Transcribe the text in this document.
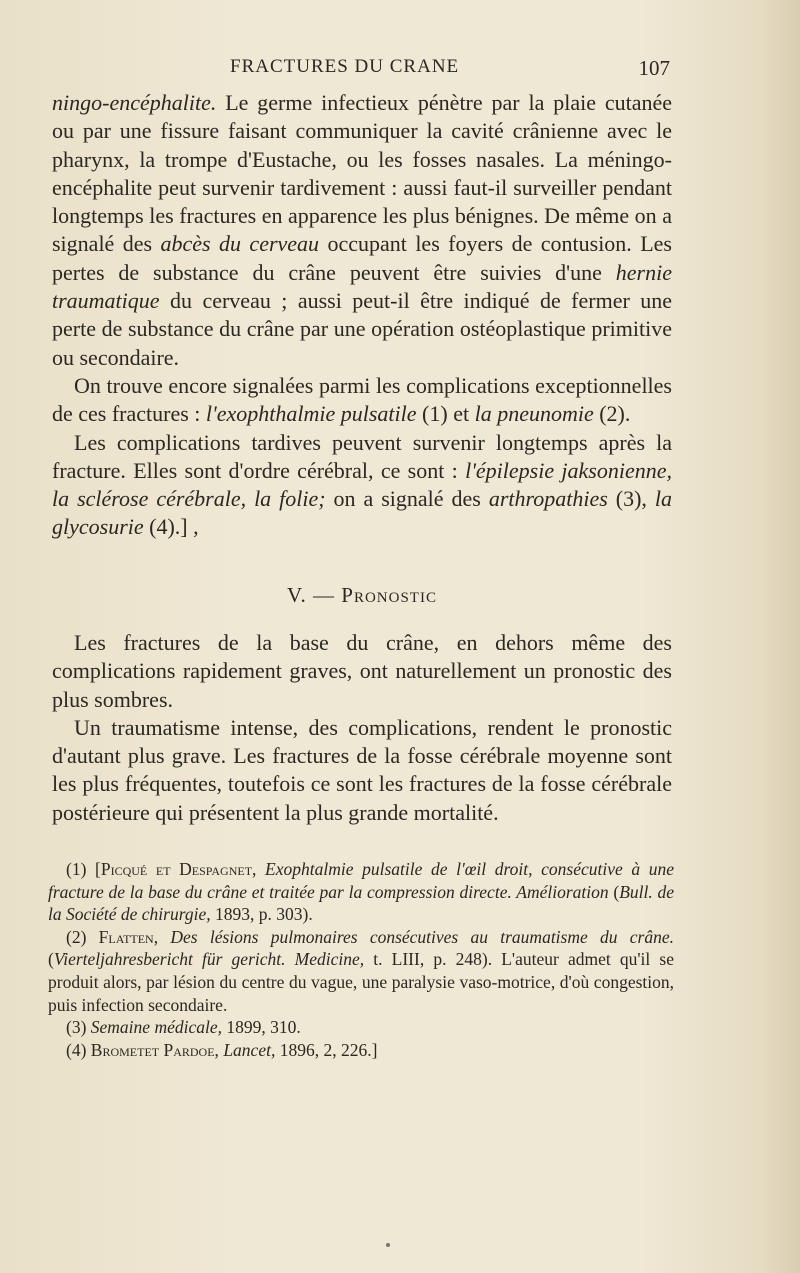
FRACTURES DU CRANE	107

ningo-encéphalite. Le germe infectieux pénètre par la plaie cutanée ou par une fissure faisant communiquer la cavité crânienne avec le pharynx, la trompe d'Eustache, ou les fosses nasales. La méningo-encéphalite peut survenir tardivement : aussi faut-il surveiller pendant longtemps les fractures en apparence les plus bénignes. De même on a signalé des abcès du cerveau occupant les foyers de contusion. Les pertes de substance du crâne peuvent être suivies d'une hernie traumatique du cerveau ; aussi peut-il être indiqué de fermer une perte de substance du crâne par une opération ostéoplastique primitive ou secondaire.

On trouve encore signalées parmi les complications exceptionnelles de ces fractures : l'exophthalmie pulsatile (1) et la pneunomie (2).

Les complications tardives peuvent survenir longtemps après la fracture. Elles sont d'ordre cérébral, ce sont : l'épilepsie jaksonienne, la sclérose cérébrale, la folie; on a signalé des arthropathies (3), la glycosurie (4).] ,

V. — Pronostic

Les fractures de la base du crâne, en dehors même des complications rapidement graves, ont naturellement un pronostic des plus sombres.

Un traumatisme intense, des complications, rendent le pronostic d'autant plus grave. Les fractures de la fosse cérébrale moyenne sont les plus fréquentes, toutefois ce sont les fractures de la fosse cérébrale postérieure qui présentent la plus grande mortalité.

(1) [Picqué et Despagnet, Exophtalmie pulsatile de l'œil droit, consécutive à une fracture de la base du crâne et traitée par la compression directe. Amélioration (Bull. de la Société de chirurgie, 1893, p. 303).

(2) Flatten, Des lésions pulmonaires consécutives au traumatisme du crâne. (Vierteljahresbericht für gericht. Medicine, t. LIII, p. 248). L'auteur admet qu'il se produit alors, par lésion du centre du vague, une paralysie vaso-motrice, d'où congestion, puis infection secondaire.

(3) Semaine médicale, 1899, 310.

(4) Brometet Pardoe, Lancet, 1896, 2, 226.]
